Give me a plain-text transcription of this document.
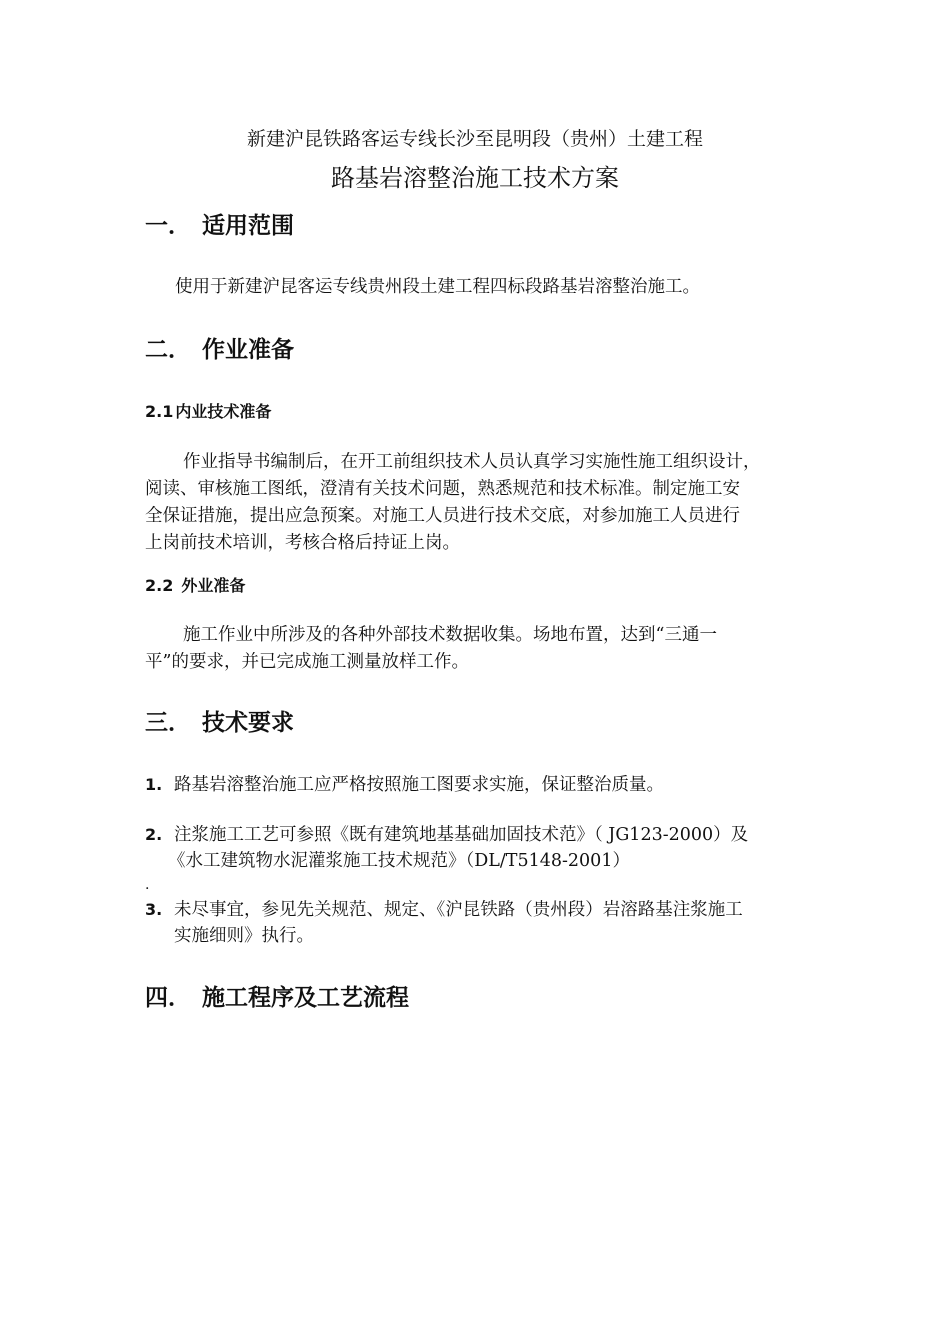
新建沪昆铁路客运专线长沙至昆明段（贵州）土建工程
路基岩溶整治施工技术方案
一． 适用范围
使用于新建沪昆客运专线贵州段土建工程四标段路基岩溶整治施工。
二． 作业准备
2.1 内业技术准备
作业指导书编制后，在开工前组织技术人员认真学习实施性施工组织设计，
阅读、审核施工图纸，澄清有关技术问题，熟悉规范和技术标准。制定施工安
全保证措施，提出应急预案。对施工人员进行技术交底，对参加施工人员进行
上岗前技术培训，考核合格后持证上岗。
2.2 外业准备
施工作业中所涉及的各种外部技术数据收集。场地布置，达到“三通一
平”的要求，并已完成施工测量放样工作。
三． 技术要求
1. 路基岩溶整治施工应严格按照施工图要求实施，保证整治质量。
2. 注浆施工工艺可参照《既有建筑地基基础加固技术范》（ JG123-2000）及
《水工建筑物水泥灌浆施工技术规范》（DL/T5148-2001）
.
3. 未尽事宜，参见先关规范、规定、《沪昆铁路（贵州段）岩溶路基注浆施工
实施细则》执行。
四． 施工程序及工艺流程
